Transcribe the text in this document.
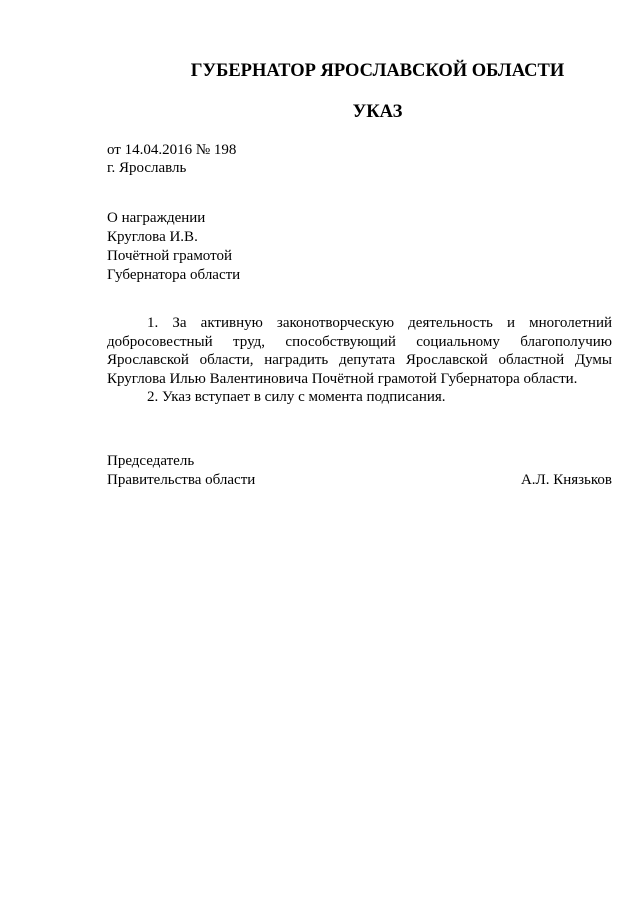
ГУБЕРНАТОР ЯРОСЛАВСКОЙ ОБЛАСТИ
УКАЗ
от 14.04.2016 № 198
г. Ярославль
О награждении
Круглова И.В.
Почётной грамотой
Губернатора области

1. За активную законотворческую деятельность и многолетний добросовестный труд, способствующий социальному благополучию Ярославской области, наградить депутата Ярославской областной Думы Круглова Илью Валентиновича Почётной грамотой Губернатора области.

2. Указ вступает в силу с момента подписания.

Председатель
Правительства области	А.Л. Князьков
